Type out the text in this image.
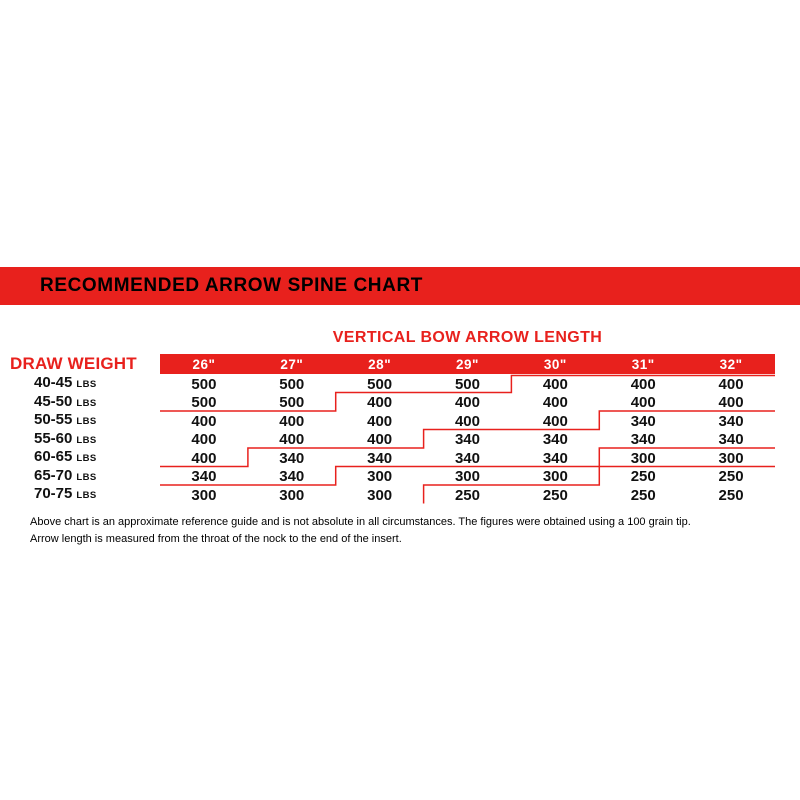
RECOMMENDED ARROW SPINE CHART
VERTICAL BOW ARROW LENGTH
DRAW WEIGHT	26"	27"	28"	29"	30"	31"	32"
40-45 LBS	500	500	500	500	400	400	400
45-50 LBS	500	500	400	400	400	400	400
50-55 LBS	400	400	400	400	400	340	340
55-60 LBS	400	400	400	340	340	340	340
60-65 LBS	400	340	340	340	340	300	300
65-70 LBS	340	340	300	300	300	250	250
70-75 LBS	300	300	300	250	250	250	250
Above chart is an approximate reference guide and is not absolute in all circumstances. The figures were obtained using a 100 grain tip.
Arrow length is measured from the throat of the nock to the end of the insert.
